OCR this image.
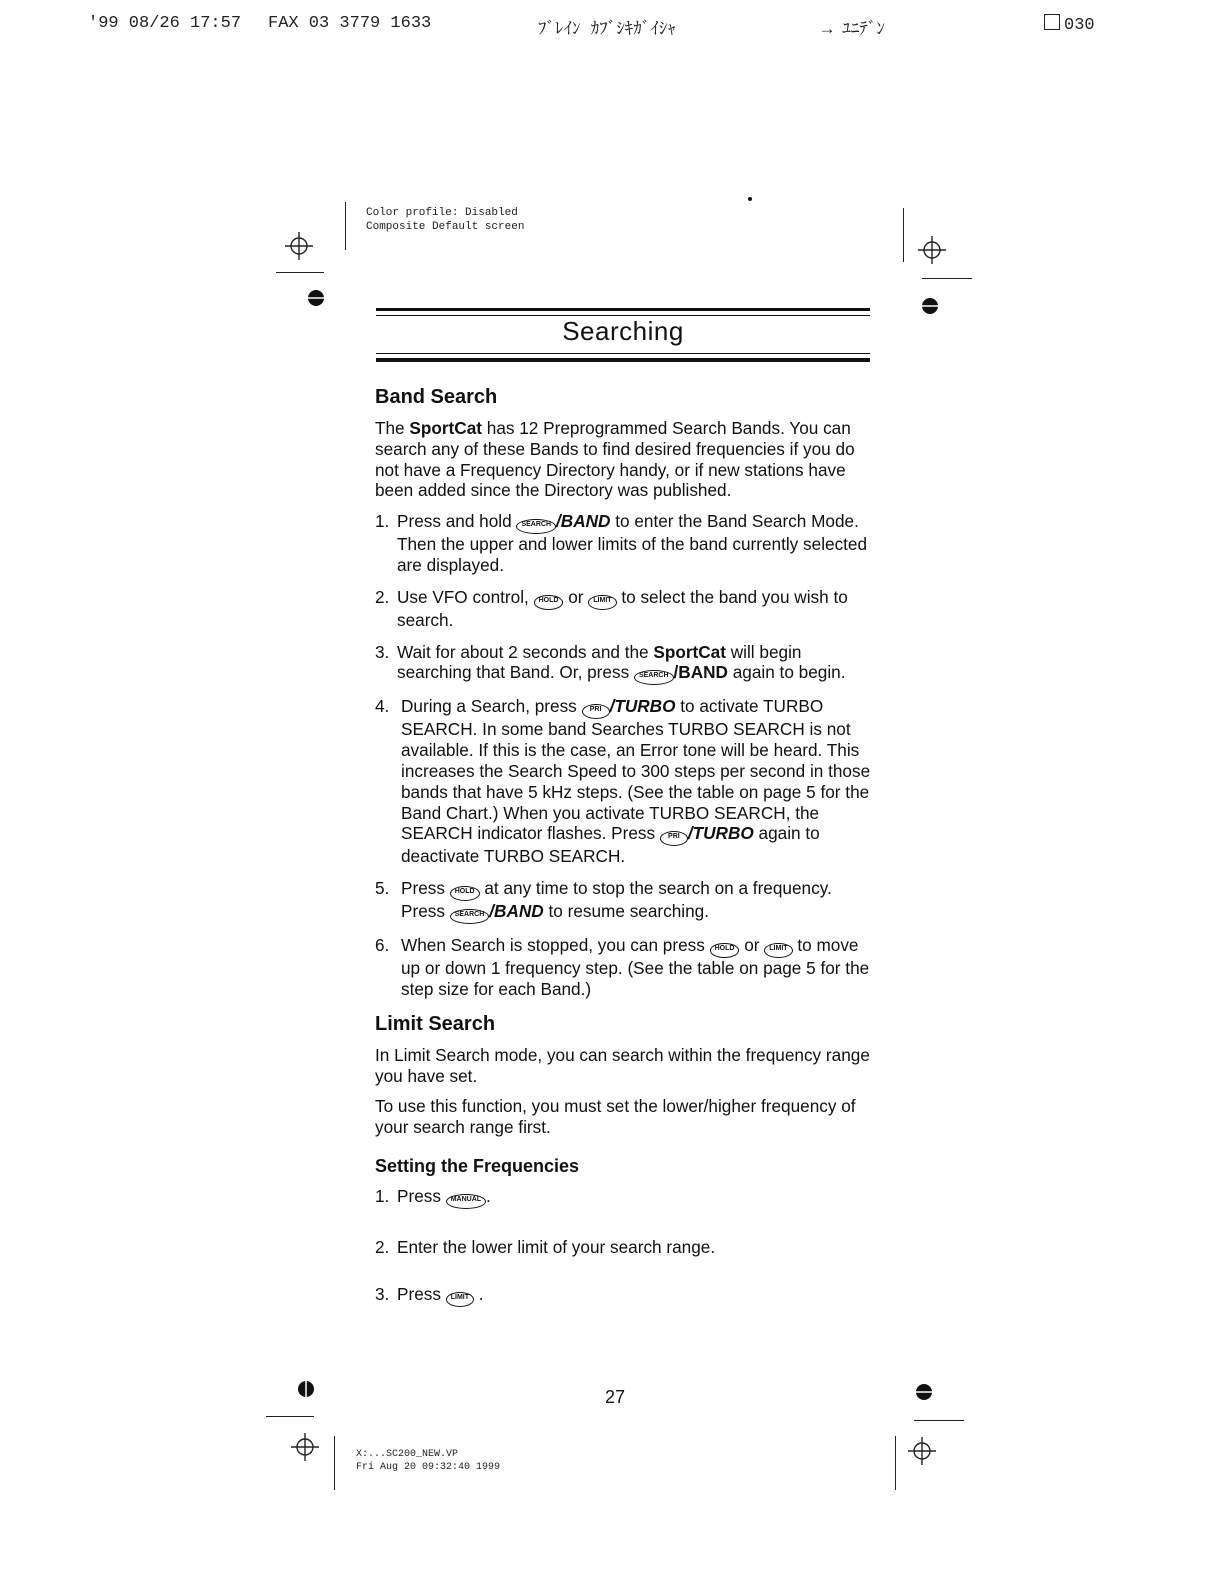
'99 08/26 17:57 FAX 03 3779 1633	ﾌﾞﾚｲﾝ ｶﾌﾞｼｷｶﾞｲｼｬ	→ ﾕﾆﾃﾞﾝ	030
Color profile: Disabled
Composite Default screen
Searching
Band Search

The SportCat has 12 Preprogrammed Search Bands. You can search any of these Bands to find desired frequencies if you do not have a Frequency Directory handy, or if new stations have been added since the Directory was published.

1. Press and hold SEARCH /BAND to enter the Band Search Mode. Then the upper and lower limits of the band currently selected are displayed.
2. Use VFO control, HOLD or LIMIT to select the band you wish to search.
3. Wait for about 2 seconds and the SportCat will begin searching that Band. Or, press SEARCH /BAND again to begin.
4. During a Search, press PRI /TURBO to activate TURBO SEARCH. In some band Searches TURBO SEARCH is not available. If this is the case, an Error tone will be heard. This increases the Search Speed to 300 steps per second in those bands that have 5 kHz steps. (See the table on page 5 for the Band Chart.) When you activate TURBO SEARCH, the SEARCH indicator flashes. Press PRI /TURBO again to deactivate TURBO SEARCH.
5. Press HOLD at any time to stop the search on a frequency. Press SEARCH /BAND to resume searching.
6. When Search is stopped, you can press HOLD or LIMIT to move up or down 1 frequency step. (See the table on page 5 for the step size for each Band.)
Limit Search

In Limit Search mode, you can search within the frequency range you have set.

To use this function, you must set the lower/higher frequency of your search range first.

Setting the Frequencies
1. Press MANUAL .
2. Enter the lower limit of your search range.
3. Press LIMIT .
27
X:...SC200_NEW.VP
Fri Aug 20 09:32:40 1999
